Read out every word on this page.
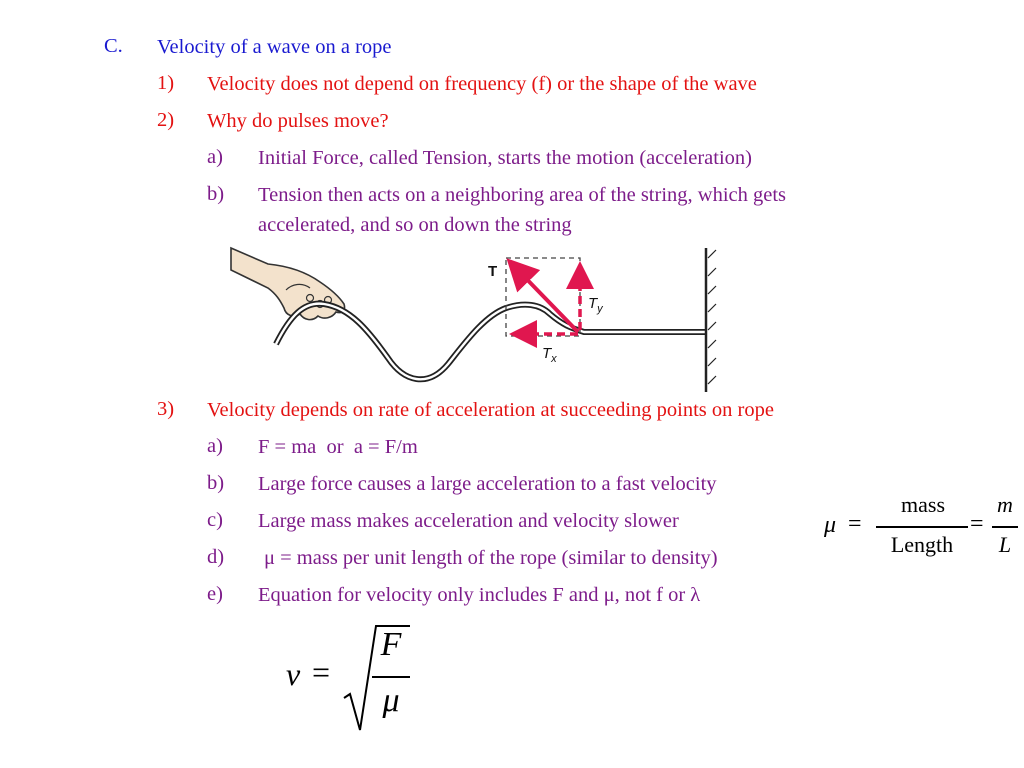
C. Velocity of a wave on a rope
1) Velocity does not depend on frequency (f) or the shape of the wave
2) Why do pulses move?
a) Initial Force, called Tension, starts the motion (acceleration)
b) Tension then acts on a neighboring area of the string, which gets
accelerated, and so on down the string
T
$T_y$
$T_x$
3) Velocity depends on rate of acceleration at succeeding points on rope
a) F = ma  or  a = F/m
b) Large force causes a large acceleration to a fast velocity
c) Large mass makes acceleration and velocity slower
d) μ = mass per unit length of the rope (similar to density)
e) Equation for velocity only includes F and μ, not f or λ
μ =
mass
Length
=
m
L
v =
F
μ
